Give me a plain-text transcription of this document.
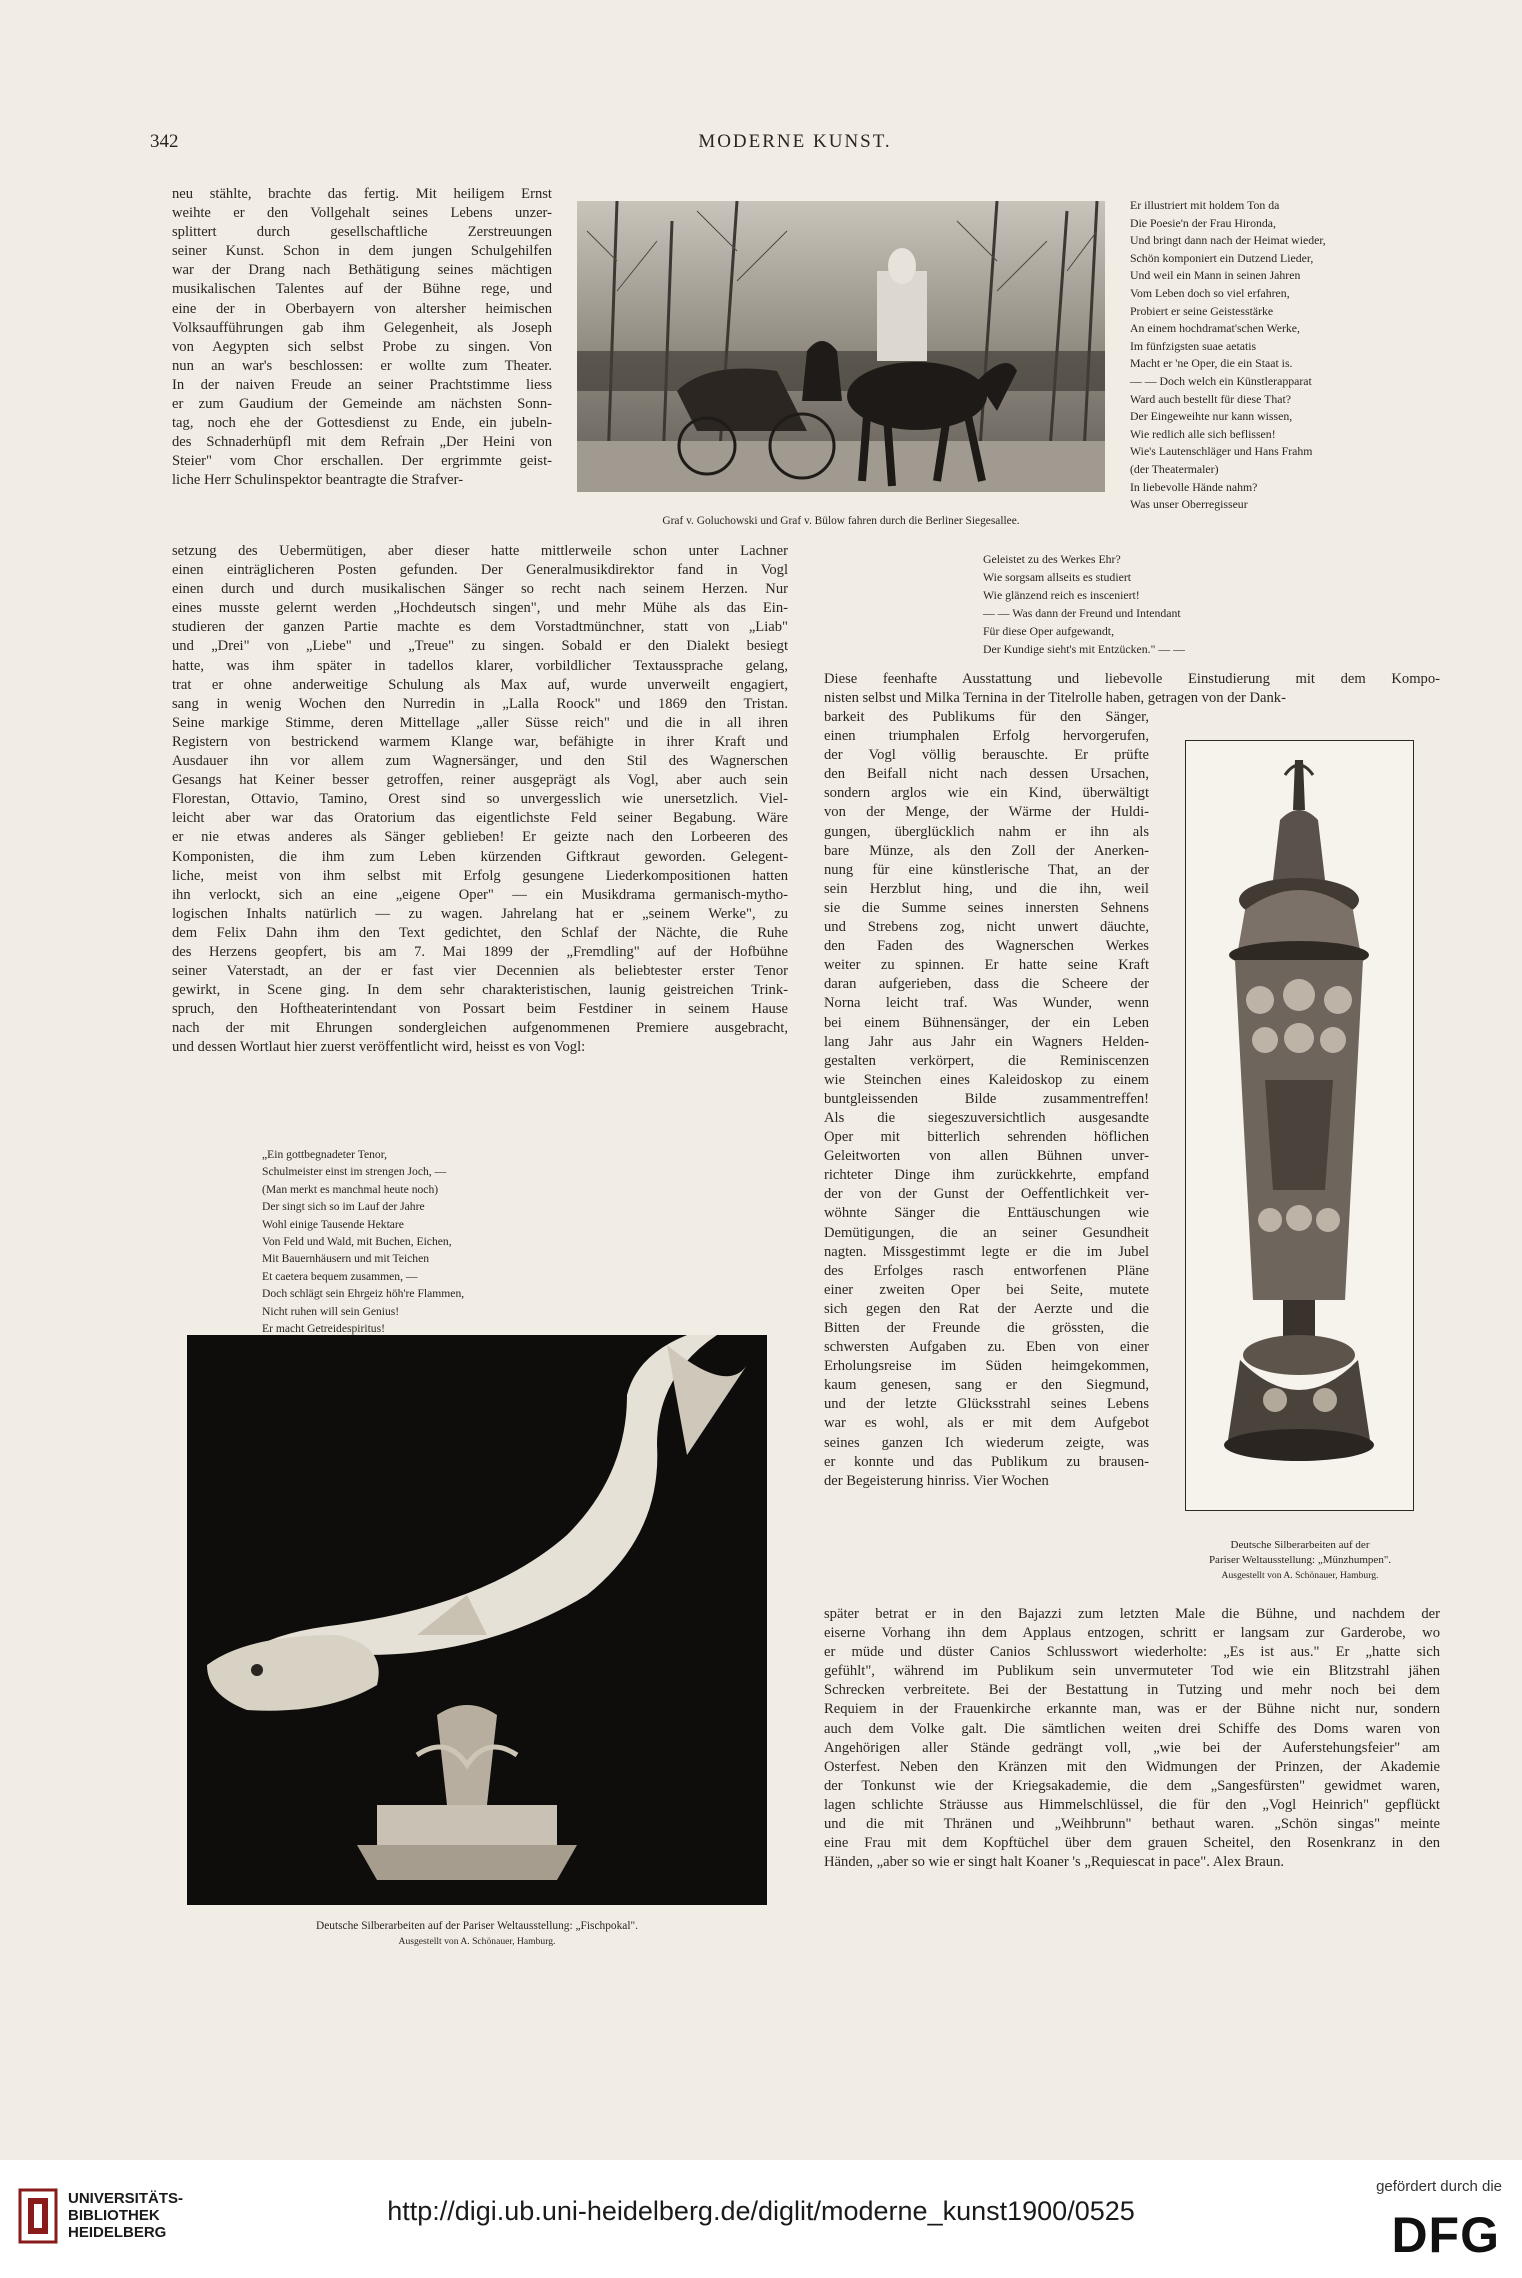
342	MODERNE KUNST.
neu stählte, brachte das fertig. Mit heiligem Ernst
weihte er den Vollgehalt seines Lebens unzer-
splittert durch gesellschaftliche Zerstreuungen
seiner Kunst. Schon in dem jungen Schulgehilfen
war der Drang nach Bethätigung seines mächtigen
musikalischen Talentes auf der Bühne rege, und
eine der in Oberbayern von altersher heimischen
Volksaufführungen gab ihm Gelegenheit, als Joseph
von Aegypten sich selbst Probe zu singen. Von
nun an war's beschlossen: er wollte zum Theater.
In der naiven Freude an seiner Prachtstimme liess
er zum Gaudium der Gemeinde am nächsten Sonn-
tag, noch ehe der Gottesdienst zu Ende, ein jubeln-
des Schnaderhüpfl mit dem Refrain „Der Heini von
Steier" vom Chor erschallen. Der ergrimmte geist-
liche Herr Schulinspektor beantragte die Strafver-
Graf v. Goluchowski und Graf v. Bülow fahren durch die Berliner Siegesallee.
Er illustriert mit holdem Ton da
Die Poesie'n der Frau Hironda,
Und bringt dann nach der Heimat wieder,
Schön komponiert ein Dutzend Lieder,
Und weil ein Mann in seinen Jahren
Vom Leben doch so viel erfahren,
Probiert er seine Geistesstärke
An einem hochdramat'schen Werke,
Im fünfzigsten suae aetatis
Macht er 'ne Oper, die ein Staat is.
— — Doch welch ein Künstlerapparat
Ward auch bestellt für diese That?
Der Eingeweihte nur kann wissen,
Wie redlich alle sich beflissen!
Wie's Lautenschläger und Hans Frahm
(der Theatermaler)
In liebevolle Hände nahm?
Was unser Oberregisseur
Geleistet zu des Werkes Ehr?
Wie sorgsam allseits es studiert
Wie glänzend reich es insceniert!
— — Was dann der Freund und Intendant
Für diese Oper aufgewandt,
Der Kundige sieht's mit Entzücken." — —
setzung des Uebermütigen, aber dieser hatte mittlerweile schon unter Lachner
einen einträglicheren Posten gefunden. Der Generalmusikdirektor fand in Vogl
einen durch und durch musikalischen Sänger so recht nach seinem Herzen. Nur
eines musste gelernt werden „Hochdeutsch singen", und mehr Mühe als das Ein-
studieren der ganzen Partie machte es dem Vorstadtmünchner, statt von „Liab"
und „Drei" von „Liebe" und „Treue" zu singen. Sobald er den Dialekt besiegt
hatte, was ihm später in tadellos klarer, vorbildlicher Textaussprache gelang,
trat er ohne anderweitige Schulung als Max auf, wurde unverweilt engagiert,
sang in wenig Wochen den Nurredin in „Lalla Roock" und 1869 den Tristan.
Seine markige Stimme, deren Mittellage „aller Süsse reich" und die in all ihren
Registern von bestrickend warmem Klange war, befähigte in ihrer Kraft und
Ausdauer ihn vor allem zum Wagnersänger, und den Stil des Wagnerschen
Gesangs hat Keiner besser getroffen, reiner ausgeprägt als Vogl, aber auch sein
Florestan, Ottavio, Tamino, Orest sind so unvergesslich wie unersetzlich. Viel-
leicht aber war das Oratorium das eigentlichste Feld seiner Begabung. Wäre
er nie etwas anderes als Sänger geblieben! Er geizte nach den Lorbeeren des
Komponisten, die ihm zum Leben kürzenden Giftkraut geworden. Gelegent-
liche, meist von ihm selbst mit Erfolg gesungene Liederkompositionen hatten
ihn verlockt, sich an eine „eigene Oper" — ein Musikdrama germanisch-mytho-
logischen Inhalts natürlich — zu wagen. Jahrelang hat er „seinem Werke", zu
dem Felix Dahn ihm den Text gedichtet, den Schlaf der Nächte, die Ruhe
des Herzens geopfert, bis am 7. Mai 1899 der „Fremdling" auf der Hofbühne
seiner Vaterstadt, an der er fast vier Decennien als beliebtester erster Tenor
gewirkt, in Scene ging. In dem sehr charakteristischen, launig geistreichen Trink-
spruch, den Hoftheaterintendant von Possart beim Festdiner in seinem Hause
nach der mit Ehrungen sondergleichen aufgenommenen Premiere ausgebracht,
und dessen Wortlaut hier zuerst veröffentlicht wird, heisst es von Vogl:
„Ein gottbegnadeter Tenor,
Schulmeister einst im strengen Joch, —
(Man merkt es manchmal heute noch)
Der singt sich so im Lauf der Jahre
Wohl einige Tausende Hektare
Von Feld und Wald, mit Buchen, Eichen,
Mit Bauernhäusern und mit Teichen
Et caetera bequem zusammen, —
Doch schlägt sein Ehrgeiz höh're Flammen,
Nicht ruhen will sein Genius!
Er macht Getreidespiritus!
Diese feenhafte Ausstattung und liebevolle Einstudierung mit dem Kompo-
nisten selbst und Milka Ternina in der Titelrolle haben, getragen von der Dank-
barkeit des Publikums für den Sänger,
einen triumphalen Erfolg hervorgerufen,
der Vogl völlig berauschte. Er prüfte
den Beifall nicht nach dessen Ursachen,
sondern arglos wie ein Kind, überwältigt
von der Menge, der Wärme der Huldi-
gungen, überglücklich nahm er ihn als
bare Münze, als den Zoll der Anerken-
nung für eine künstlerische That, an der
sein Herzblut hing, und die ihn, weil
sie die Summe seines innersten Sehnens
und Strebens zog, nicht unwert däuchte,
den Faden des Wagnerschen Werkes
weiter zu spinnen. Er hatte seine Kraft
daran aufgerieben, dass die Scheere der
Norna leicht traf. Was Wunder, wenn
bei einem Bühnensänger, der ein Leben
lang Jahr aus Jahr ein Wagners Helden-
gestalten verkörpert, die Reminiscenzen
wie Steinchen eines Kaleidoskop zu einem
buntgleissenden Bilde zusammentreffen!
Als die siegeszuversichtlich ausgesandte
Oper mit bitterlich sehrenden höflichen
Geleitworten von allen Bühnen unver-
richteter Dinge ihm zurückkehrte, empfand
der von der Gunst der Oeffentlichkeit ver-
wöhnte Sänger die Enttäuschungen wie
Demütigungen, die an seiner Gesundheit
nagten. Missgestimmt legte er die im Jubel
des Erfolges rasch entworfenen Pläne
einer zweiten Oper bei Seite, mutete
sich gegen den Rat der Aerzte und die
Bitten der Freunde die grössten, die
schwersten Aufgaben zu. Eben von einer
Erholungsreise im Süden heimgekommen,
kaum genesen, sang er den Siegmund,
und der letzte Glücksstrahl seines Lebens
war es wohl, als er mit dem Aufgebot
seines ganzen Ich wiederum zeigte, was
er konnte und das Publikum zu brausen-
der Begeisterung hinriss. Vier Wochen
Deutsche Silberarbeiten auf der
Pariser Weltausstellung: „Münzhumpen".
Ausgestellt von A. Schönauer, Hamburg.
später betrat er in den Bajazzi zum letzten Male die Bühne, und nachdem der
eiserne Vorhang ihn dem Applaus entzogen, schritt er langsam zur Garderobe, wo
er müde und düster Canios Schlusswort wiederholte: „Es ist aus." Er „hatte sich
gefühlt", während im Publikum sein unvermuteter Tod wie ein Blitzstrahl jähen
Schrecken verbreitete. Bei der Bestattung in Tutzing und mehr noch bei dem
Requiem in der Frauenkirche erkannte man, was er der Bühne nicht nur, sondern
auch dem Volke galt. Die sämtlichen weiten drei Schiffe des Doms waren von
Angehörigen aller Stände gedrängt voll, „wie bei der Auferstehungsfeier" am
Osterfest. Neben den Kränzen mit den Widmungen der Prinzen, der Akademie
der Tonkunst wie der Kriegsakademie, die dem „Sangesfürsten" gewidmet waren,
lagen schlichte Sträusse aus Himmelschlüssel, die für den „Vogl Heinrich" gepflückt
und die mit Thränen und „Weihbrunn" bethaut waren. „Schön singas" meinte
eine Frau mit dem Kopftüchel über dem grauen Scheitel, den Rosenkranz in den
Händen, „aber so wie er singt halt Koaner 's „Requiescat in pace". Alex Braun.
Deutsche Silberarbeiten auf der Pariser Weltausstellung: „Fischpokal".
Ausgestellt von A. Schönauer, Hamburg.
UNIVERSITÄTS-
BIBLIOTHEK
HEIDELBERG
http://digi.ub.uni-heidelberg.de/diglit/moderne_kunst1900/0525
gefördert durch die
DFG
